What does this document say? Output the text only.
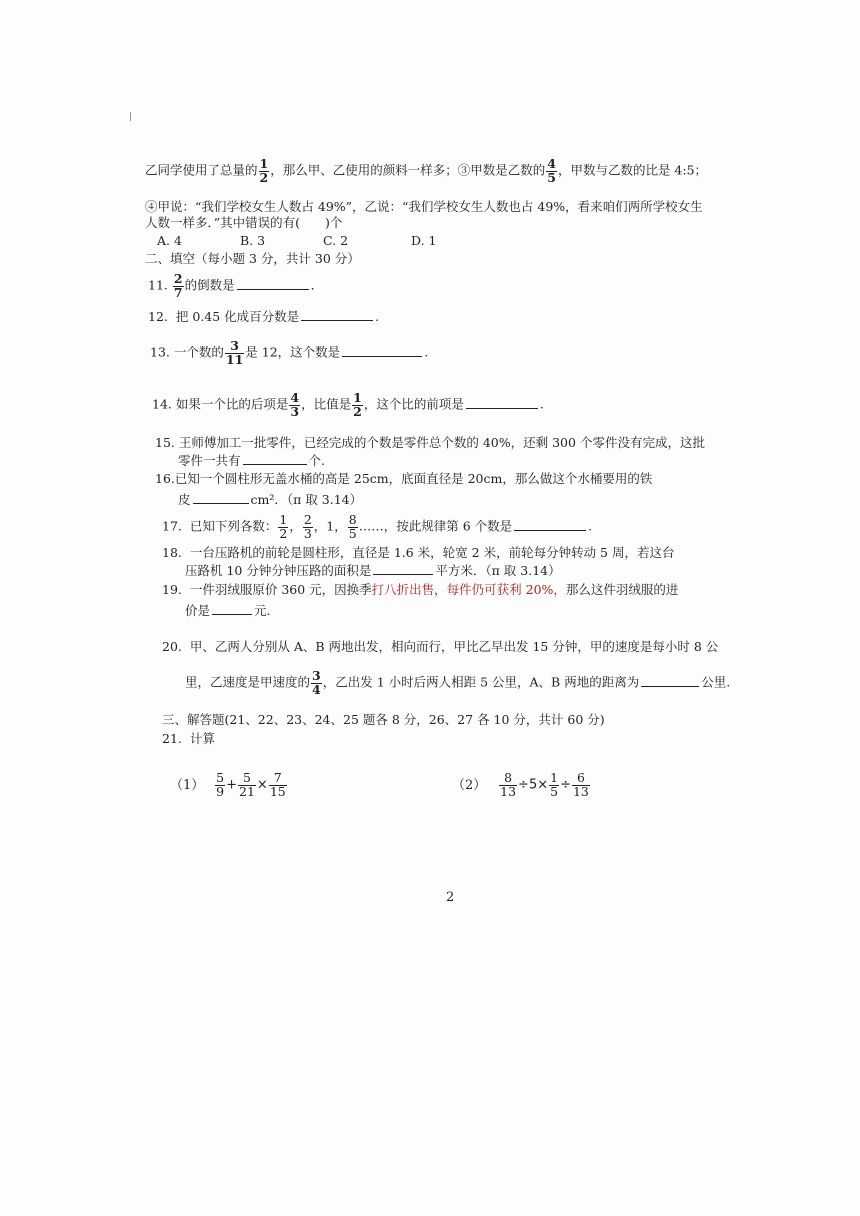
乙同学使用了总量的 $\frac{1}{2}$ ，那么甲、乙使用的颜料一样多；③甲数是乙数的 $\frac{4}{5}$ ，甲数与乙数的比是 4:5；
④甲说：“我们学校女生人数占 49%”，乙说：“我们学校女生人数也占 49%，看来咱们两所学校女生
人数一样多．”其中错误的有(　　)个
A. 4	B. 3	C. 2	D. 1
二、填空（每小题 3 分，共计 30 分）
11. $\frac{2}{7}$ 的倒数是	．
12. 把 0.45 化成百分数是	.
13. 一个数的 $\frac{3}{11}$ 是 12，这个数是	.
14. 如果一个比的后项是 $\frac{4}{3}$ ，比值是 $\frac{1}{2}$ ，这个比的前项是	.
15. 王师傅加工一批零件，已经完成的个数是零件总个数的 40%，还剩 300 个零件没有完成，这批
零件一共有	个.
16.已知一个圆柱形无盖水桶的高是 25cm，底面直径是 20cm，那么做这个水桶要用的铁
皮	cm²．（π 取 3.14）
17. 已知下列各数： $\frac{1}{2}$ ， $\frac{2}{3}$ ，1， $\frac{8}{5}$ ……，按此规律第 6 个数是	.
18. 一台压路机的前轮是圆柱形，直径是 1.6 米，轮宽 2 米，前轮每分钟转动 5 周，若这台
压路机 10 分钟分钟压路的面积是	平方米．（π 取 3.14）
19. 一件羽绒服原价 360 元，因换季打八折出售，每件仍可获利 20%，那么这件羽绒服的进
价是	元.
20. 甲、乙两人分别从 A、B 两地出发，相向而行，甲比乙早出发 15 分钟，甲的速度是每小时 8 公
里，乙速度是甲速度的 $\frac{3}{4}$ ，乙出发 1 小时后两人相距 5 公里，A、B 两地的距离为	公里.
三、解答题(21、22、23、24、25 题各 8 分，26、27 各 10 分，共计 60 分)
21. 计算
$(1) \frac{5}{9} + \frac{5}{21} \times \frac{7}{15}$	$(2) \frac{8}{13} \div 5\times \frac{1}{5} \div \frac{6}{13}$
2
